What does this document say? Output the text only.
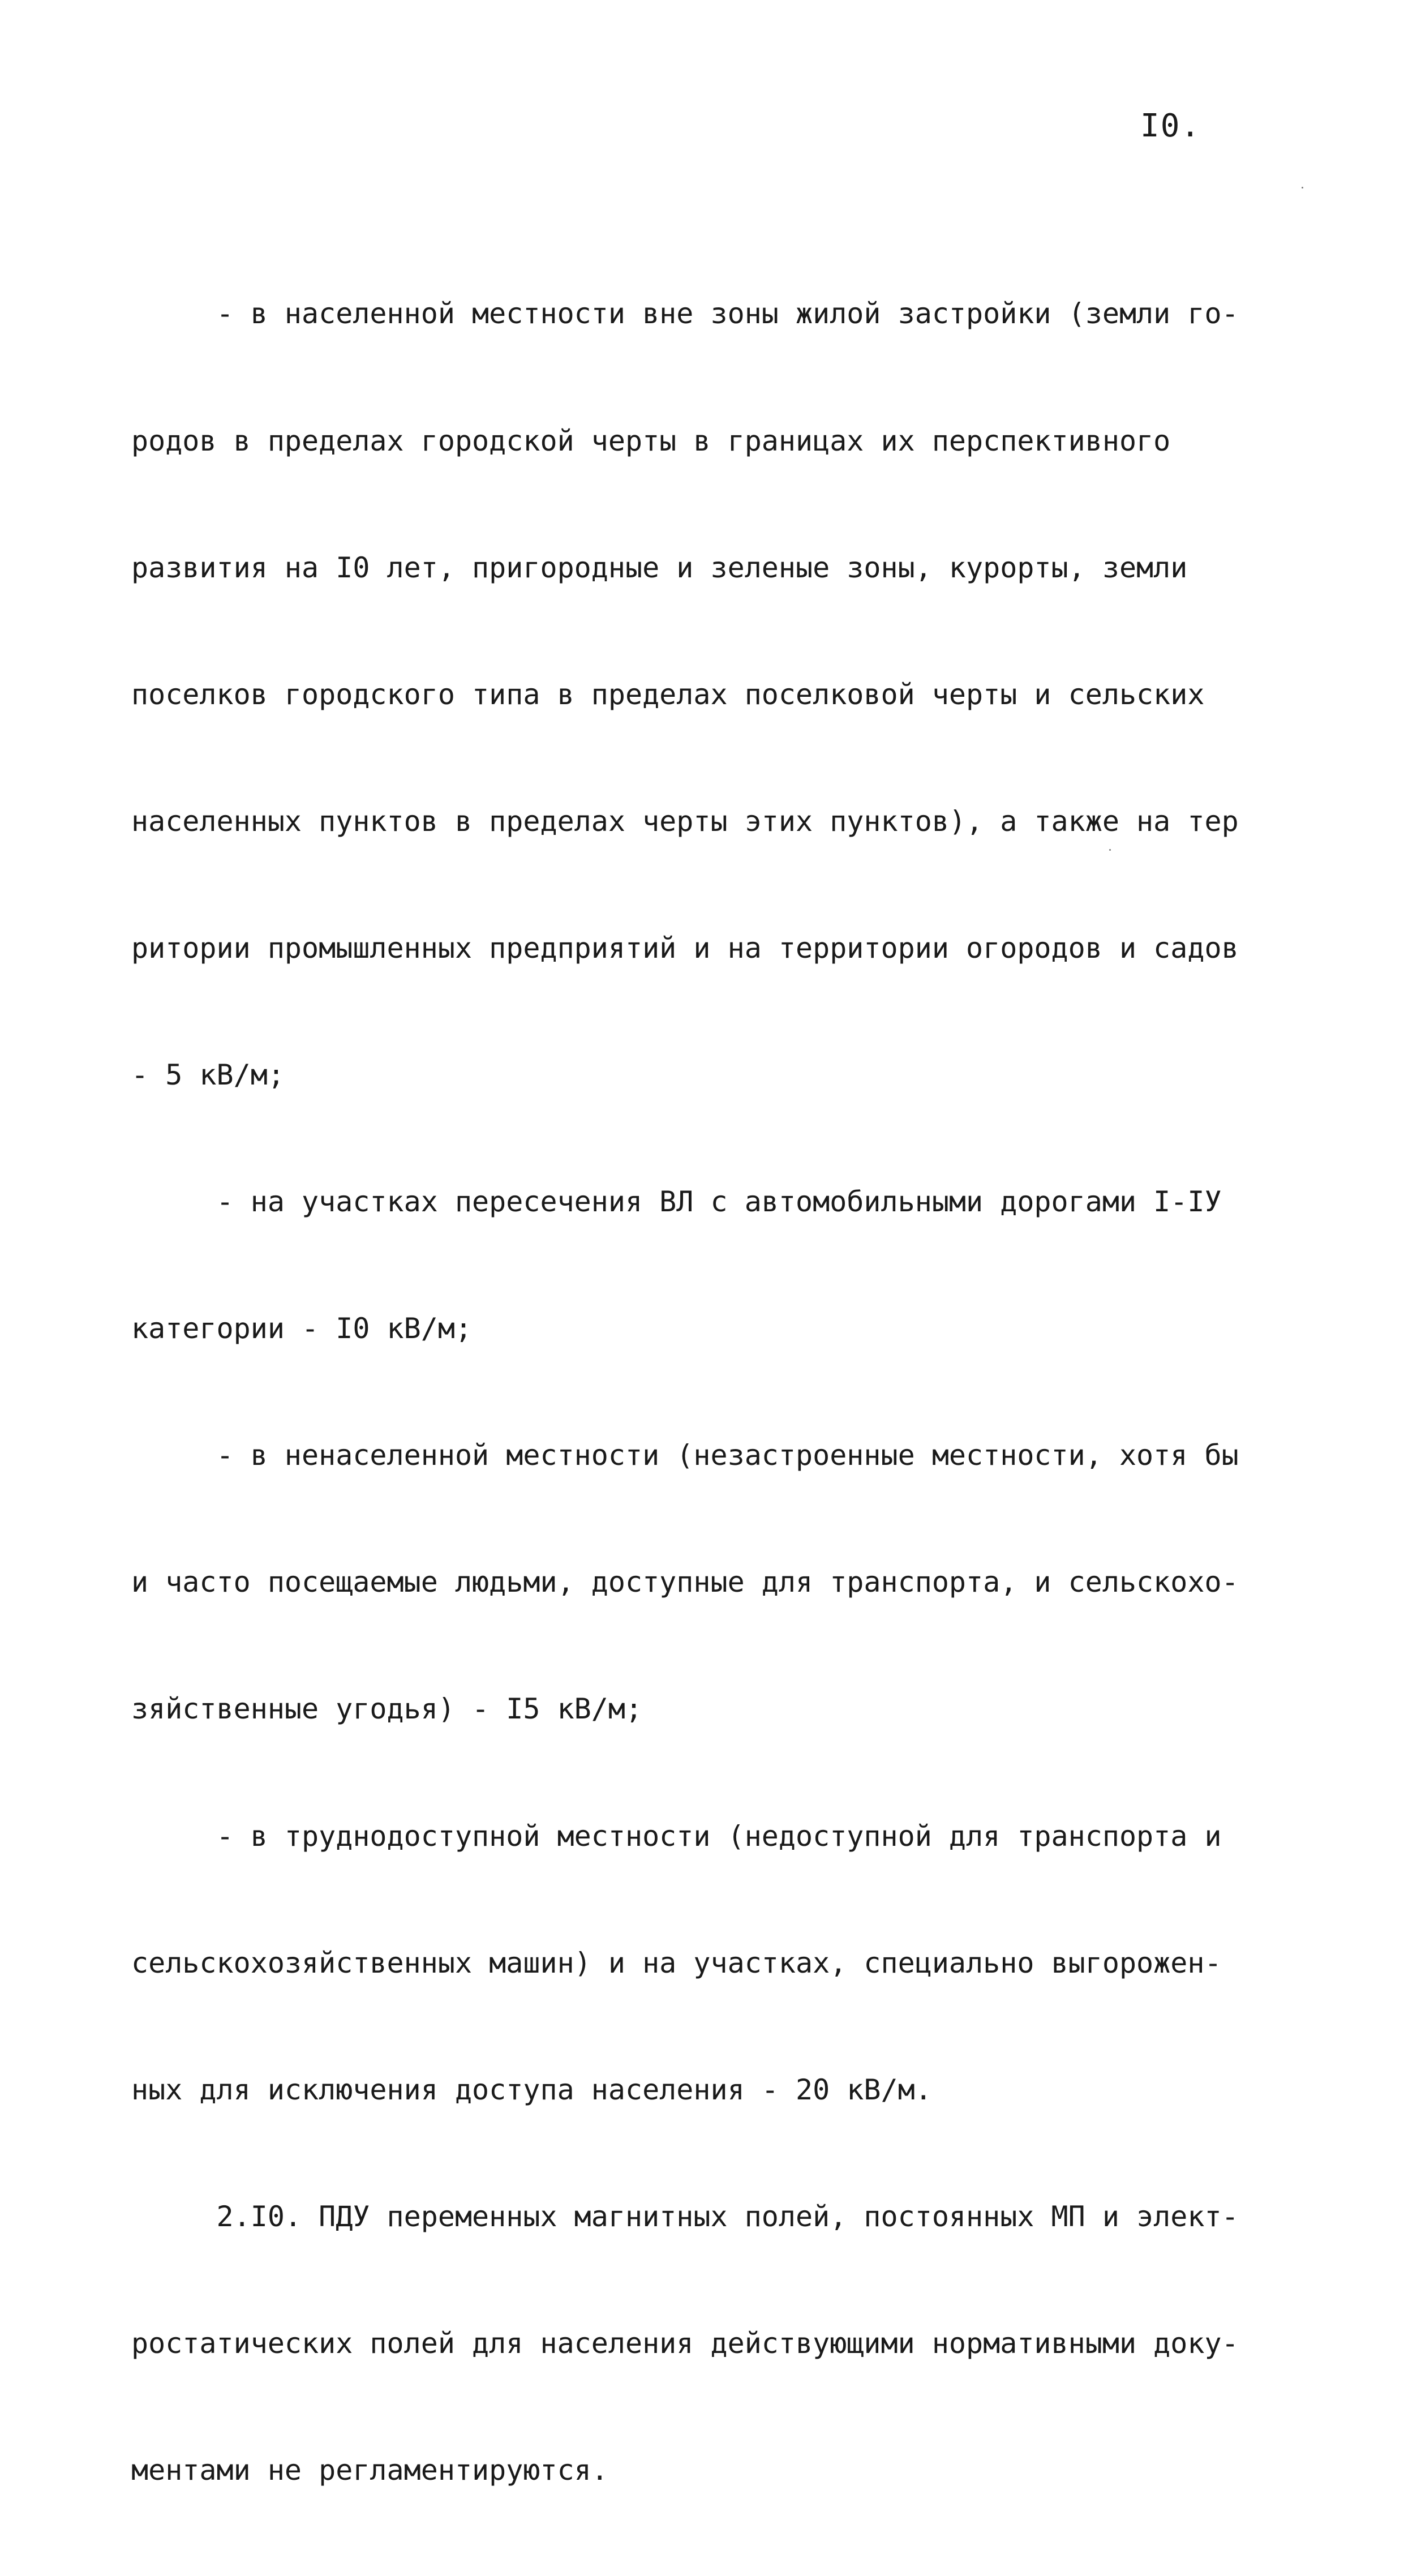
I0.

- в населенной местности вне зоны жилой застройки (земли го-

родов в пределах городской черты в границах их перспективного

развития на I0 лет, пригородные и зеленые зоны, курорты, земли

поселков городского типа в пределах поселковой черты и сельских

населенных пунктов в пределах черты этих пунктов), а также на тер

ритории промышленных предприятий и на территории огородов и садов

- 5 кВ/м;

- на участках пересечения ВЛ с автомобильными дорогами I-IУ

категории - I0 кВ/м;

- в ненаселенной местности (незастроенные местности, хотя бы

и часто посещаемые людьми, доступные для транспорта, и сельскохо-

зяйственные угодья) - I5 кВ/м;

- в труднодоступной местности (недоступной для транспорта и

сельскохозяйственных машин) и на участках, специально выгорожен-

ных для исключения доступа населения - 20 кВ/м.

2.I0. ПДУ переменных магнитных полей, постоянных МП и элект-

ростатических полей для населения действующими нормативными доку-

ментами не регламентируются.
